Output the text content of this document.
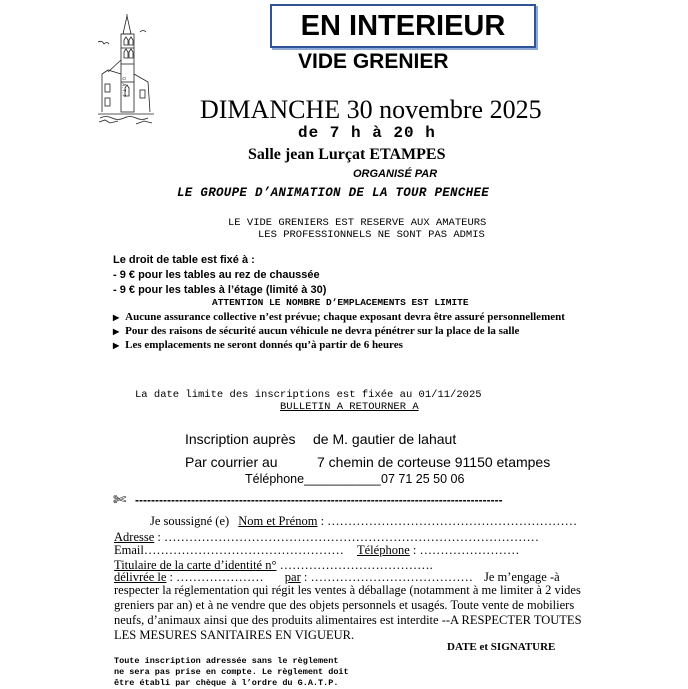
G.A.T.P
EN INTERIEUR
VIDE GRENIER
DIMANCHE 30 novembre 2025
de 7 h à 20 h
Salle jean Lurçat ETAMPES
ORGANISÉ PAR
LE GROUPE D’ANIMATION DE LA TOUR PENCHEE
LE VIDE GRENIERS EST RESERVE AUX AMATEURS
LES PROFESSIONNELS NE SONT PAS ADMIS
Le droit de table est fixé à :
- 9 € pour les tables au rez de chaussée
- 9 € pour les tables à l’étage (limité à 30)
ATTENTION LE NOMBRE D’EMPLACEMENTS EST LIMITE
▶ Aucune assurance collective n’est prévue; chaque exposant devra être assuré personnellement
▶ Pour des raisons de sécurité aucun véhicule ne devra pénétrer sur la place de la salle
▶ Les emplacements ne seront donnés qu’à partir de 6 heures
La date limite des inscriptions est fixée au 01/11/2025
BULLETIN A RETOURNER A
Inscription auprès de M. gautier de lahaut
Par courrier au	7 chemin de corteuse 91150 etampes
Téléphone___________ 07 71 25 50 06
✄ --------------------------------------------------------------------------------------------
Je soussigné (e) Nom et Prénom : ……………………………………………………
Adresse : ………………………………………………………………………………
Email………………………………………… Téléphone : ……………………
Titulaire de la carte d’identité n° ……………………………….
délivrée le : ………………… par : ………………………………… Je m’engage -à
respecter la réglementation qui régit les ventes à déballage (notamment à me limiter à 2 vides greniers par an) et à ne vendre que des objets personnels et usagés. Toute vente de mobiliers neufs, d’animaux ainsi que des produits alimentaires est interdite --A RESPECTER TOUTES LES MESURES SANITAIRES EN VIGUEUR.
DATE et SIGNATURE
Toute inscription adressée sans le règlement
ne sera pas prise en compte. Le règlement doit
être établi par chèque à l’ordre du G.A.T.P.
